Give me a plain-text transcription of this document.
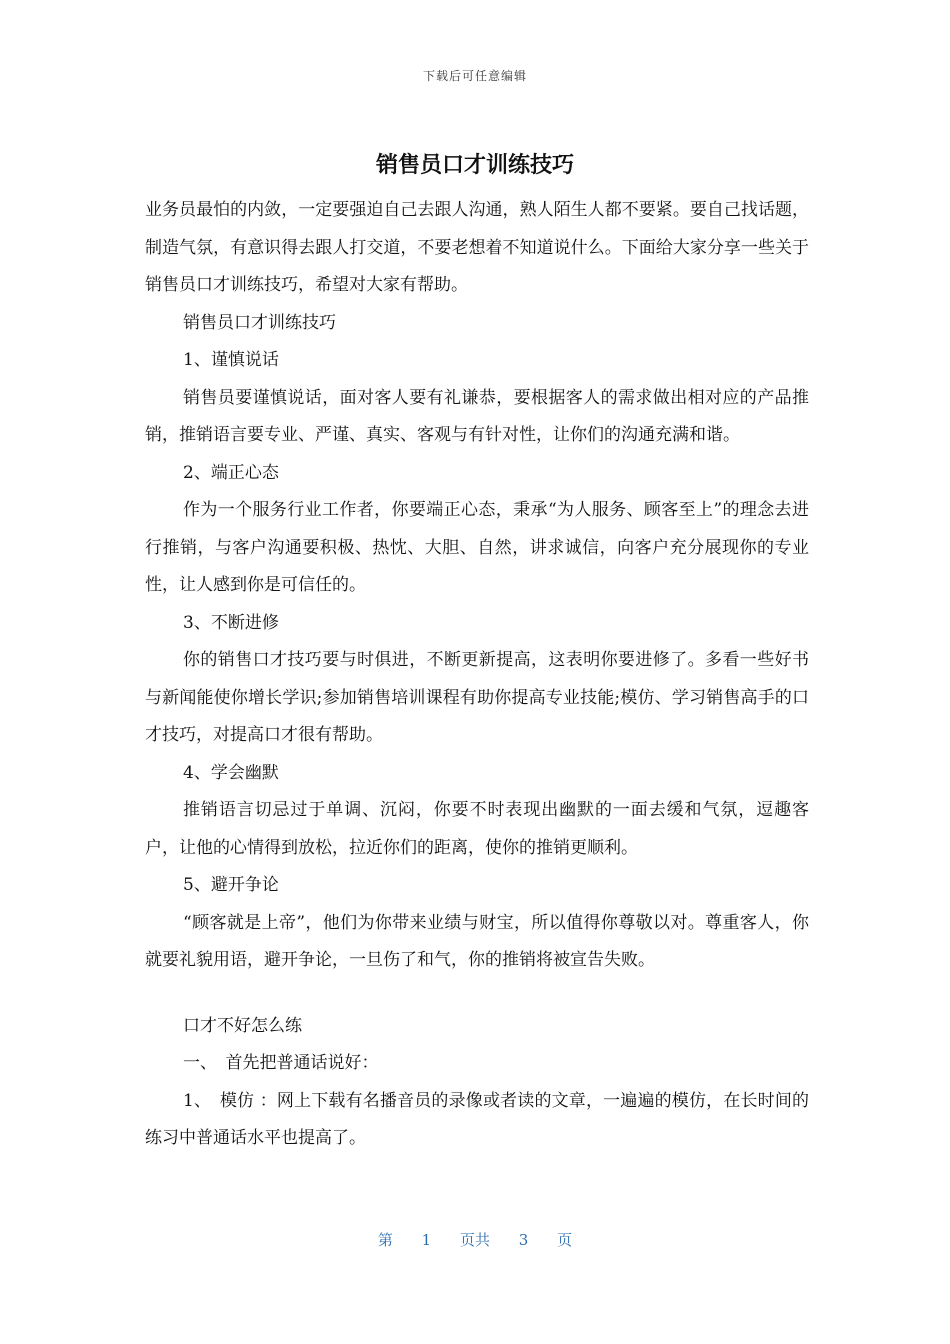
下载后可任意编辑
销售员口才训练技巧

业务员最怕的内敛，一定要强迫自己去跟人沟通，熟人陌生人都不要紧。要自己找话题，制造气氛，有意识得去跟人打交道，不要老想着不知道说什么。下面给大家分享一些关于销售员口才训练技巧，希望对大家有帮助。

销售员口才训练技巧

1、谨慎说话

销售员要谨慎说话，面对客人要有礼谦恭，要根据客人的需求做出相对应的产品推销，推销语言要专业、严谨、真实、客观与有针对性，让你们的沟通充满和谐。

2、端正心态

作为一个服务行业工作者，你要端正心态，秉承“为人服务、顾客至上”的理念去进行推销，与客户沟通要积极、热忱、大胆、自然，讲求诚信，向客户充分展现你的专业性，让人感到你是可信任的。

3、不断进修

你的销售口才技巧要与时俱进，不断更新提高，这表明你要进修了。多看一些好书与新闻能使你增长学识;参加销售培训课程有助你提高专业技能;模仿、学习销售高手的口才技巧，对提高口才很有帮助。

4、学会幽默

推销语言切忌过于单调、沉闷，你要不时表现出幽默的一面去缓和气氛，逗趣客户，让他的心情得到放松，拉近你们的距离，使你的推销更顺利。

5、避开争论

“顾客就是上帝”，他们为你带来业绩与财宝，所以值得你尊敬以对。尊重客人，你就要礼貌用语，避开争论，一旦伤了和气，你的推销将被宣告失败。

口才不好怎么练

一、　首先把普通话说好：

1、　模仿 ：网上下载有名播音员的录像或者读的文章，一遍遍的模仿，在长时间的练习中普通话水平也提高了。

第 1 页共 3 页
